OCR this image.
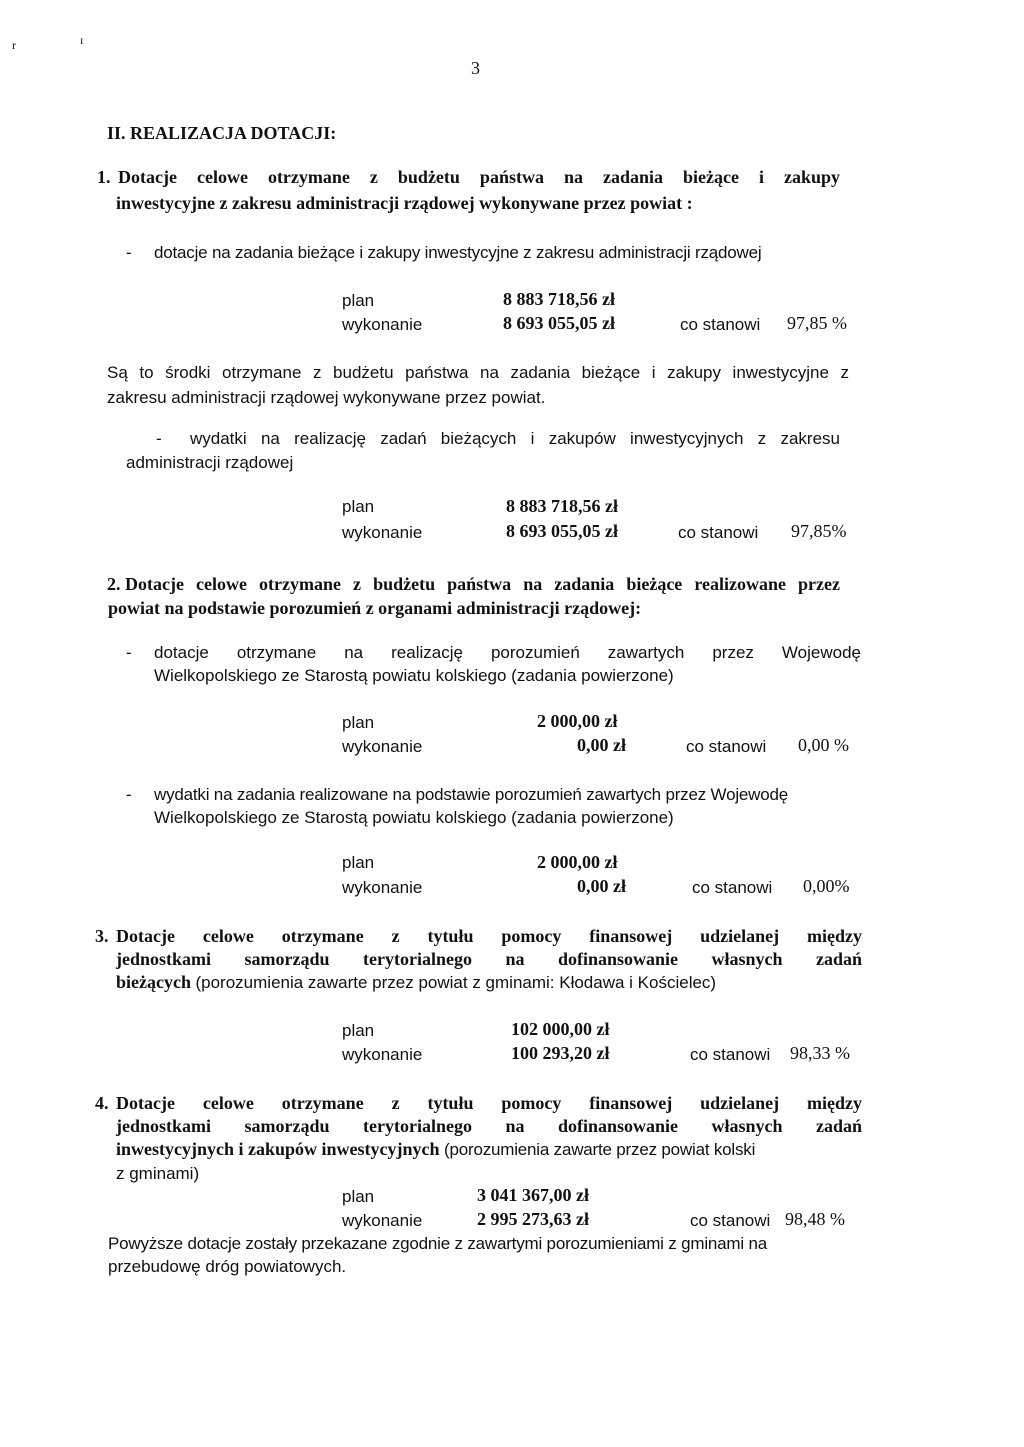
r	ɪ
3
II. REALIZACJA DOTACJI:
1. Dotacje celowe otrzymane z budżetu państwa na zadania bieżące i zakupy
inwestycyjne z zakresu administracji rządowej wykonywane przez powiat :
- dotacje na zadania bieżące i zakupy inwestycyjne z zakresu administracji rządowej
plan	8 883 718,56 zł
wykonanie	8 693 055,05 zł	co stanowi 97,85 %
Są to środki otrzymane z budżetu państwa na zadania bieżące i zakupy inwestycyjne z
zakresu administracji rządowej wykonywane przez powiat.
- wydatki na realizację zadań bieżących i zakupów inwestycyjnych z zakresu
administracji rządowej
plan	8 883 718,56 zł
wykonanie	8 693 055,05 zł	co stanowi 97,85%
2. Dotacje celowe otrzymane z budżetu państwa na zadania bieżące realizowane przez
powiat na podstawie porozumień z organami administracji rządowej:
- dotacje otrzymane na realizację porozumień zawartych przez Wojewodę
Wielkopolskiego ze Starostą powiatu kolskiego (zadania powierzone)
plan	2 000,00 zł
wykonanie	0,00 zł	co stanowi 0,00 %
- wydatki na zadania realizowane na podstawie porozumień zawartych przez Wojewodę
Wielkopolskiego ze Starostą powiatu kolskiego (zadania powierzone)
plan	2 000,00 zł
wykonanie	0,00 zł	co stanowi 0,00%
3. Dotacje celowe otrzymane z tytułu pomocy finansowej udzielanej między
jednostkami samorządu terytorialnego na dofinansowanie własnych zadań
bieżących (porozumienia zawarte przez powiat z gminami: Kłodawa i Kościelec)
plan	102 000,00 zł
wykonanie	100 293,20 zł	co stanowi 98,33 %
4. Dotacje celowe otrzymane z tytułu pomocy finansowej udzielanej między
jednostkami samorządu terytorialnego na dofinansowanie własnych zadań
inwestycyjnych i zakupów inwestycyjnych (porozumienia zawarte przez powiat kolski
z gminami)
plan	3 041 367,00 zł
wykonanie	2 995 273,63 zł	co stanowi 98,48 %
Powyższe dotacje zostały przekazane zgodnie z zawartymi porozumieniami z gminami na
przebudowę dróg powiatowych.
